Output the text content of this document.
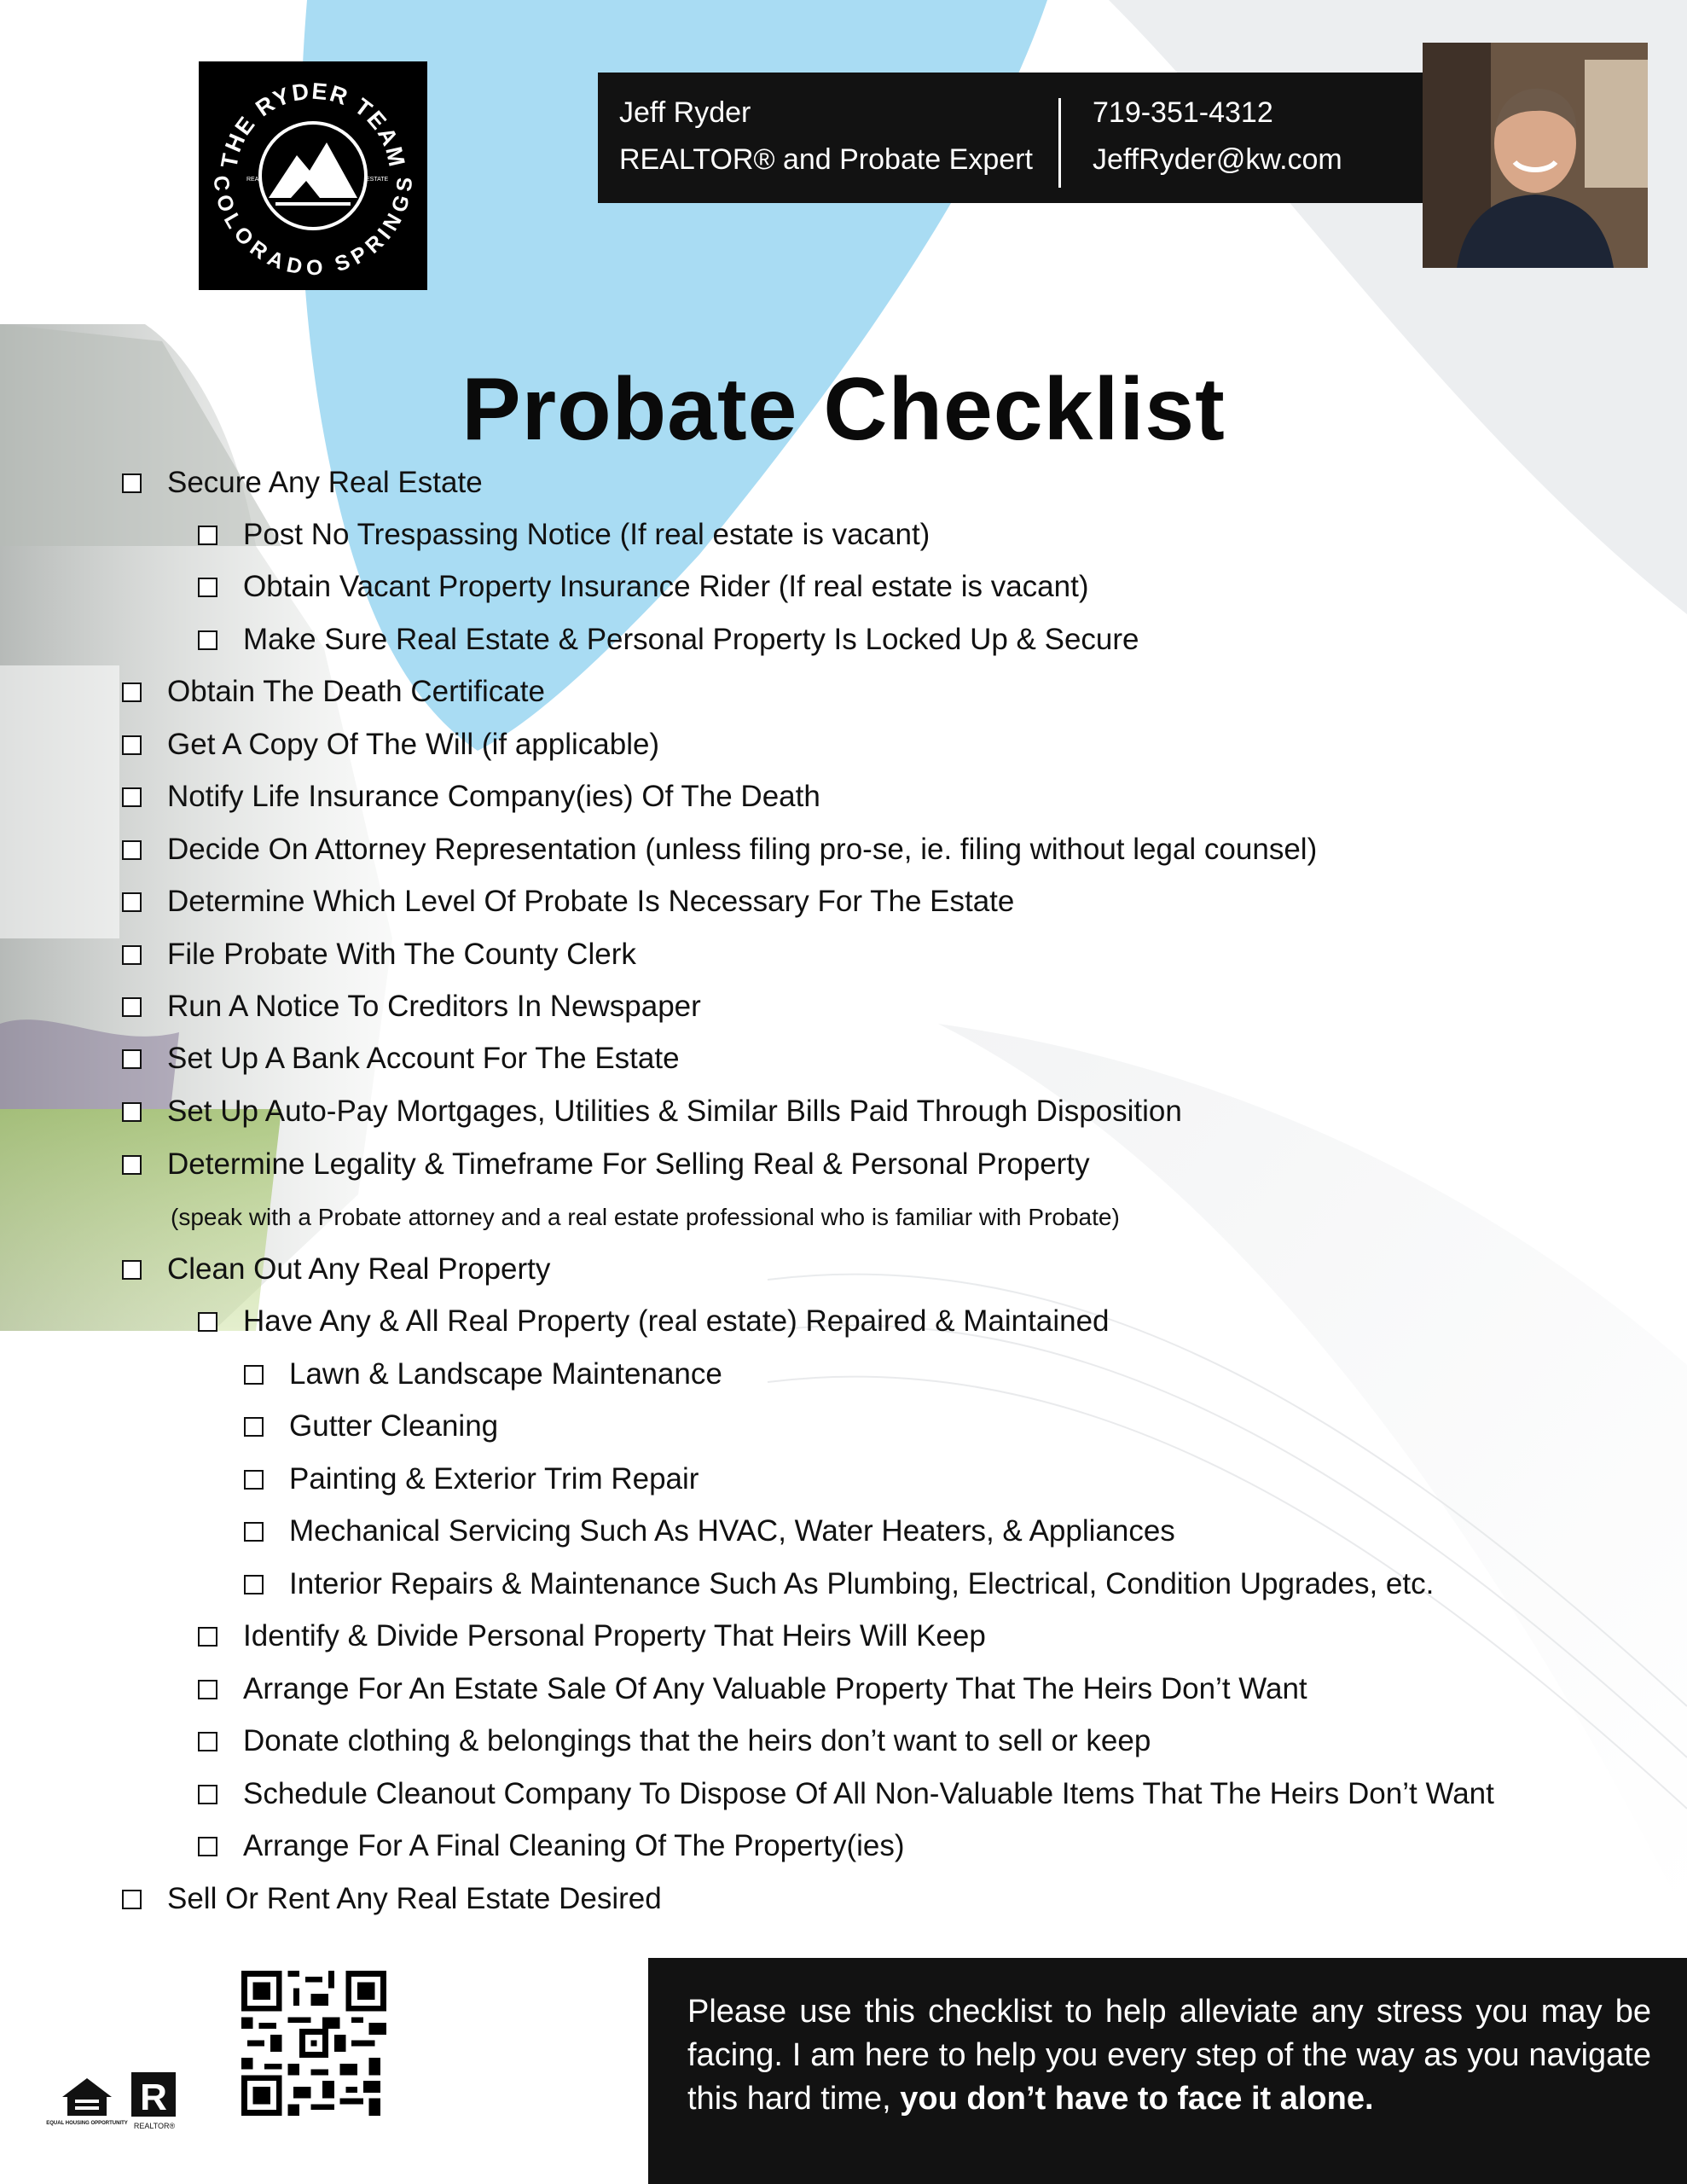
THE RYDER TEAM
COLORADO SPRINGS
REAL	ESTATE
Jeff Ryder
REALTOR® and Probate Expert
719-351-4312
JeffRyder@kw.com
Probate Checklist
Secure Any Real Estate
Post No Trespassing Notice (If real estate is vacant)
Obtain Vacant Property Insurance Rider (If real estate is vacant)
Make Sure Real Estate & Personal Property Is Locked Up & Secure
Obtain The Death Certificate
Get A Copy Of The Will (if applicable)
Notify Life Insurance Company(ies) Of The Death
Decide On Attorney Representation (unless filing pro-se, ie. filing without legal counsel)
Determine Which Level Of Probate Is Necessary For The Estate
File Probate With The County Clerk
Run A Notice To Creditors In Newspaper
Set Up A Bank Account For The Estate
Set Up Auto-Pay Mortgages, Utilities & Similar Bills Paid Through Disposition
Determine Legality & Timeframe For Selling Real & Personal Property
(speak with a Probate attorney and a real estate professional who is familiar with Probate)
Clean Out Any Real Property
Have Any & All Real Property (real estate) Repaired & Maintained
Lawn & Landscape Maintenance
Gutter Cleaning
Painting & Exterior Trim Repair
Mechanical Servicing Such As HVAC, Water Heaters, & Appliances
Interior Repairs & Maintenance Such As Plumbing, Electrical, Condition Upgrades, etc.
Identify & Divide Personal Property That Heirs Will Keep
Arrange For An Estate Sale Of Any Valuable Property That The Heirs Don’t Want
Donate clothing & belongings that the heirs don’t want to sell or keep
Schedule Cleanout Company To Dispose Of All Non-Valuable Items That The Heirs Don’t Want
Arrange For A Final Cleaning Of The Property(ies)
Sell Or Rent Any Real Estate Desired
EQUAL HOUSING OPPORTUNITY
R
REALTOR®

Please use this checklist to help alleviate any stress you may be facing. I am here to help you every step of the way as you navigate this hard time, you don’t have to face it alone.
